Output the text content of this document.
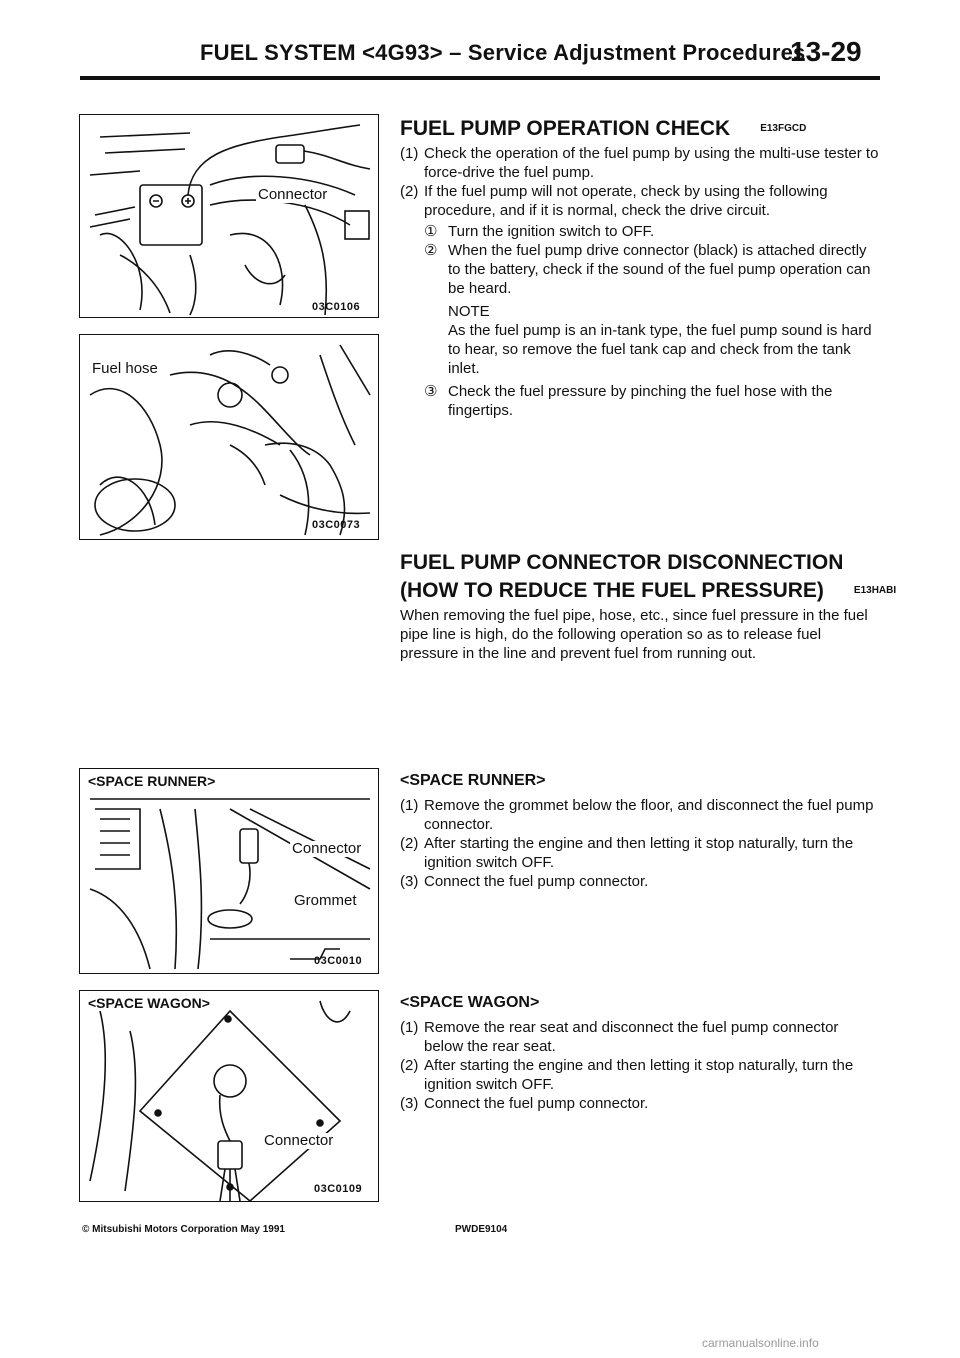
FUEL SYSTEM <4G93> – Service Adjustment Procedures
13-29
Connector
03C0106
Fuel hose
03C0073
<SPACE RUNNER>
Connector
Grommet
03C0010
<SPACE WAGON>
Connector
03C0109
FUEL PUMP OPERATION CHECK	E13FGCD
(1) Check the operation of the fuel pump by using the multi-use tester to force-drive the fuel pump.
(2) If the fuel pump will not operate, check by using the following procedure, and if it is normal, check the drive circuit.
① Turn the ignition switch to OFF.
② When the fuel pump drive connector (black) is attached directly to the battery, check if the sound of the fuel pump operation can be heard.
NOTE
As the fuel pump is an in-tank type, the fuel pump sound is hard to hear, so remove the fuel tank cap and check from the tank inlet.
③ Check the fuel pressure by pinching the fuel hose with the fingertips.
FUEL PUMP CONNECTOR DISCONNECTION
(HOW TO REDUCE THE FUEL PRESSURE)	E13HABI
When removing the fuel pipe, hose, etc., since fuel pressure in the fuel pipe line is high, do the following operation so as to release fuel pressure in the line and prevent fuel from running out.
<SPACE RUNNER>
(1) Remove the grommet below the floor, and disconnect the fuel pump connector.
(2) After starting the engine and then letting it stop naturally, turn the ignition switch OFF.
(3) Connect the fuel pump connector.
<SPACE WAGON>
(1) Remove the rear seat and disconnect the fuel pump connector below the rear seat.
(2) After starting the engine and then letting it stop naturally, turn the ignition switch OFF.
(3) Connect the fuel pump connector.
© Mitsubishi Motors Corporation May 1991	PWDE9104
carmanualsonline.info
